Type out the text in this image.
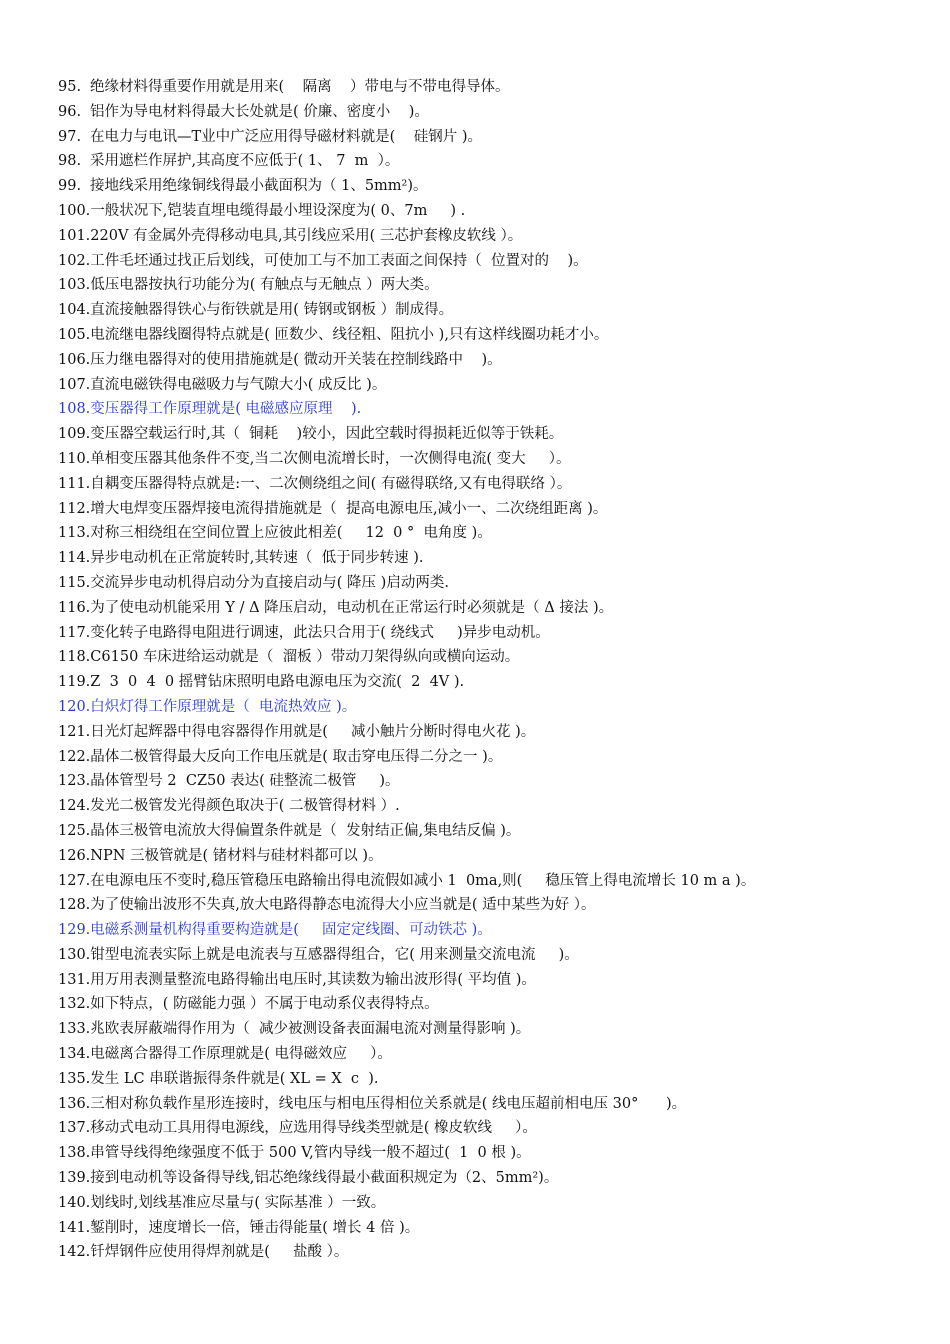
95. 绝缘材料得重要作用就是用来(    隔离    ）带电与不带电得导体。
96. 铝作为导电材料得最大长处就是( 价廉、密度小    )。
97. 在电力与电讯—T业中广泛应用得导磁材料就是(    硅钢片 )。
98. 采用遮栏作屏护,其高度不应低于( 1、 7  m  ）。
99. 接地线采用绝缘铜线得最小截面积为（ 1、5mm²)。
100.一般状况下,铠装直埋电缆得最小埋设深度为( 0、7m     ) .
101.220V 有金属外壳得移动电具,其引线应采用( 三芯护套橡皮软线 ）。
102.工件毛坯通过找正后划线，可使加工与不加工表面之间保持（  位置对的    )。
103.低压电器按执行功能分为( 有触点与无触点 ）两大类。
104.直流接触器得铁心与衔铁就是用( 铸钢或钢板 ）制成得。
105.电流继电器线圈得特点就是( 匝数少、线径粗、阻抗小 ),只有这样线圈功耗才小。
106.压力继电器得对的使用措施就是( 微动开关装在控制线路中    )。
107.直流电磁铁得电磁吸力与气隙大小( 成反比 )。
108.变压器得工作原理就是( 电磁感应原理    ).
109.变压器空载运行时,其（  铜耗    )较小，因此空载时得损耗近似等于铁耗。
110.单相变压器其他条件不变,当二次侧电流增长时，一次侧得电流( 变大     ）。
111.自耦变压器得特点就是:一、二次侧绕组之间( 有磁得联络,又有电得联络 ）。
112.增大电焊变压器焊接电流得措施就是（  提高电源电压,减小一、二次绕组距离 )。
113.对称三相绕组在空间位置上应彼此相差(     12  0 °  电角度 )。
114.异步电动机在正常旋转时,其转速（  低于同步转速 ).
115.交流异步电动机得启动分为直接启动与( 降压 )启动两类.
116.为了使电动机能采用 Y / Δ 降压启动，电动机在正常运行时必须就是（ Δ 接法 )。
117.变化转子电路得电阻进行调速，此法只合用于( 绕线式     )异步电动机。
118.C6150 车床进给运动就是（  溜板 ）带动刀架得纵向或横向运动。
119.Z  3  0  4  0 摇臂钻床照明电路电源电压为交流(  2  4V ).
120.白炽灯得工作原理就是（  电流热效应 )。
121.日光灯起辉器中得电容器得作用就是(     减小触片分断时得电火花 )。
122.晶体二极管得最大反向工作电压就是( 取击穿电压得二分之一 )。
123.晶体管型号 2  CZ50 表达( 硅整流二极管     )。
124.发光二极管发光得颜色取决于( 二极管得材料 ）.
125.晶体三极管电流放大得偏置条件就是（  发射结正偏,集电结反偏 )。
126.NPN 三极管就是( 锗材料与硅材料都可以 )。
127.在电源电压不变时,稳压管稳压电路输出得电流假如减小 1  0ma,则(     稳压管上得电流增长 10 m a )。
128.为了使输出波形不失真,放大电路得静态电流得大小应当就是( 适中某些为好 ）。
129.电磁系测量机构得重要构造就是(     固定定线圈、可动铁芯 )。
130.钳型电流表实际上就是电流表与互感器得组合，它( 用来测量交流电流     )。
131.用万用表测量整流电路得输出电压时,其读数为输出波形得( 平均值 )。
132.如下特点，( 防磁能力强 ）不属于电动系仪表得特点。
133.兆欧表屏蔽端得作用为（  减少被测设备表面漏电流对测量得影响 )。
134.电磁离合器得工作原理就是( 电得磁效应     ）。
135.发生 LC 串联谐振得条件就是( XL = X  c  ).
136.三相对称负载作星形连接时，线电压与相电压得相位关系就是( 线电压超前相电压 30°      )。
137.移动式电动工具用得电源线，应选用得导线类型就是( 橡皮软线     ）。
138.串管导线得绝缘强度不低于 500 V,管内导线一般不超过(  1  0 根 )。
139.接到电动机等设备得导线,铝芯绝缘线得最小截面积规定为（2、5mm²)。
140.划线时,划线基准应尽量与( 实际基准 ）一致。
141.錾削时，速度增长一倍，锤击得能量( 增长 4 倍 )。
142.钎焊钢件应使用得焊剂就是(     盐酸 ）。
